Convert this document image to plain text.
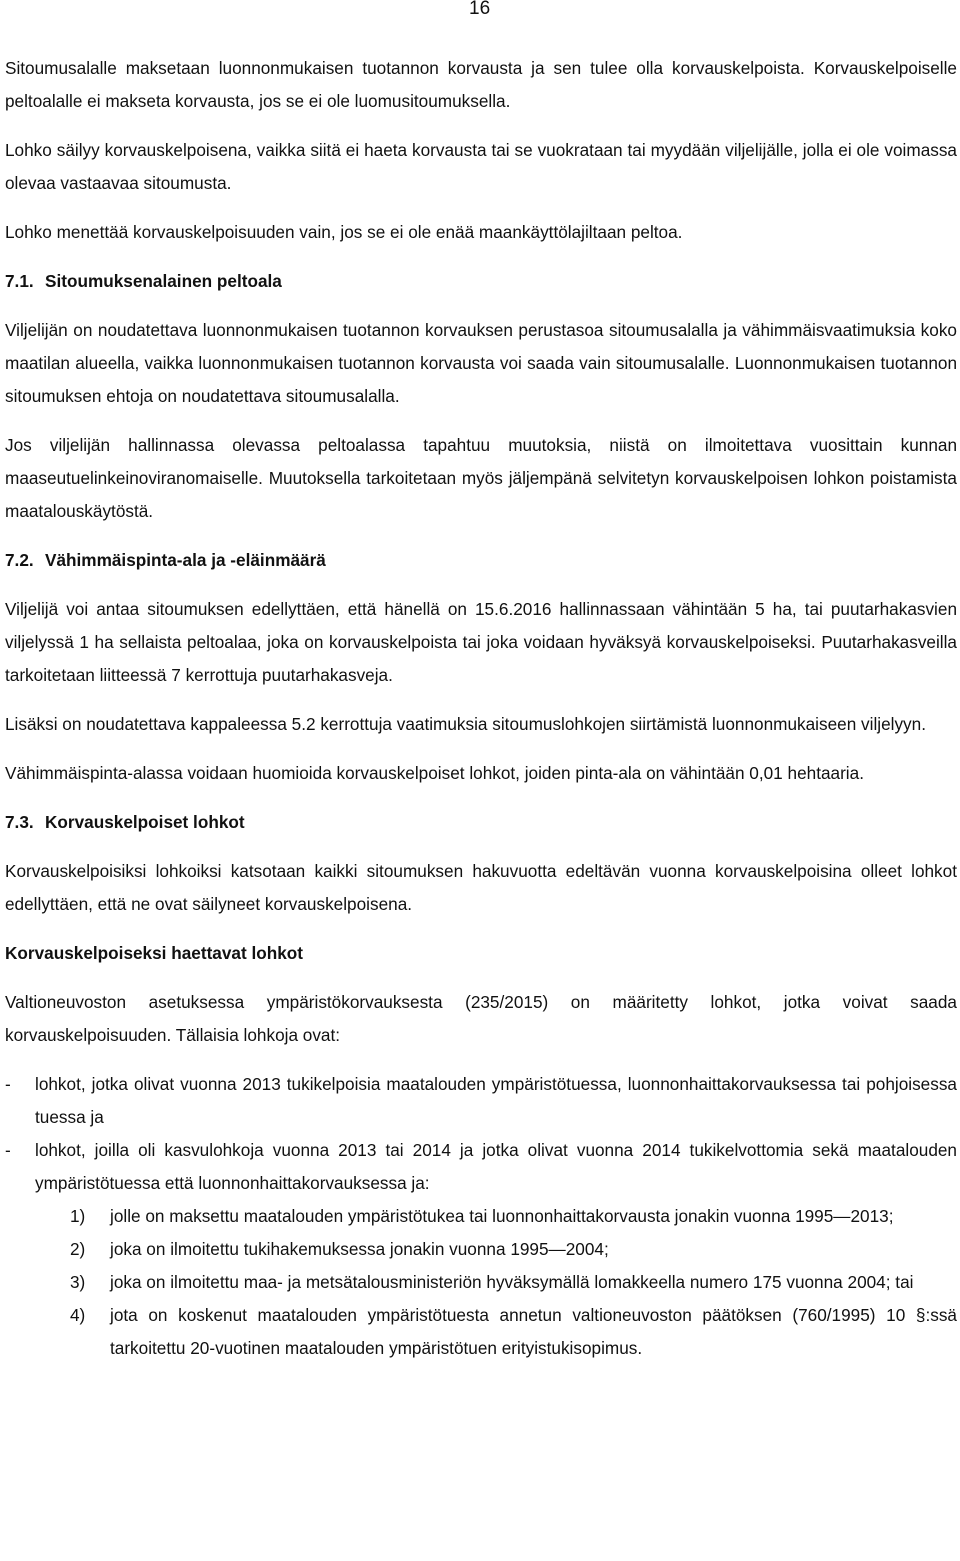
16

Sitoumusalalle maksetaan luonnonmukaisen tuotannon korvausta ja sen tulee olla korvauskelpoista. Korvauskelpoiselle peltoalalle ei makseta korvausta, jos se ei ole luomusitoumuksella.

Lohko säilyy korvauskelpoisena, vaikka siitä ei haeta korvausta tai se vuokrataan tai myydään viljelijälle, jolla ei ole voimassa olevaa vastaavaa sitoumusta.

Lohko menettää korvauskelpoisuuden vain, jos se ei ole enää maankäyttölajiltaan peltoa.

7.1. Sitoumuksenalainen peltoala

Viljelijän on noudatettava luonnonmukaisen tuotannon korvauksen perustasoa sitoumusalalla ja vähimmäisvaatimuksia koko maatilan alueella, vaikka luonnonmukaisen tuotannon korvausta voi saada vain sitoumusalalle. Luonnonmukaisen tuotannon sitoumuksen ehtoja on noudatettava sitoumusalalla.

Jos viljelijän hallinnassa olevassa peltoalassa tapahtuu muutoksia, niistä on ilmoitettava vuosittain kunnan maaseutuelinkeinoviranomaiselle. Muutoksella tarkoitetaan myös jäljempänä selvitetyn korvauskelpoisen lohkon poistamista maatalouskäytöstä.

7.2. Vähimmäispinta-ala ja -eläinmäärä

Viljelijä voi antaa sitoumuksen edellyttäen, että hänellä on 15.6.2016 hallinnassaan vähintään 5 ha, tai puutarhakasvien viljelyssä 1 ha sellaista peltoalaa, joka on korvauskelpoista tai joka voidaan hyväksyä korvauskelpoiseksi. Puutarhakasveilla tarkoitetaan liitteessä 7 kerrottuja puutarhakasveja.

Lisäksi on noudatettava kappaleessa 5.2 kerrottuja vaatimuksia sitoumuslohkojen siirtämistä luonnonmukaiseen viljelyyn.

Vähimmäispinta-alassa voidaan huomioida korvauskelpoiset lohkot, joiden pinta-ala on vähintään 0,01 hehtaaria.

7.3. Korvauskelpoiset lohkot

Korvauskelpoisiksi lohkoiksi katsotaan kaikki sitoumuksen hakuvuotta edeltävän vuonna korvauskelpoisina olleet lohkot edellyttäen, että ne ovat säilyneet korvauskelpoisena.

Korvauskelpoiseksi haettavat lohkot

Valtioneuvoston asetuksessa ympäristökorvauksesta (235/2015) on määritetty lohkot, jotka voivat saada korvauskelpoisuuden. Tällaisia lohkoja ovat:

- lohkot, jotka olivat vuonna 2013 tukikelpoisia maatalouden ympäristötuessa, luonnonhaittakorvauksessa tai pohjoisessa tuessa ja
- lohkot, joilla oli kasvulohkoja vuonna 2013 tai 2014 ja jotka olivat vuonna 2014 tukikelvottomia sekä maatalouden ympäristötuessa että luonnonhaittakorvauksessa ja:
1) jolle on maksettu maatalouden ympäristötukea tai luonnonhaittakorvausta jonakin vuonna 1995—2013;
2) joka on ilmoitettu tukihakemuksessa jonakin vuonna 1995—2004;
3) joka on ilmoitettu maa- ja metsätalousministeriön hyväksymällä lomakkeella numero 175 vuonna 2004; tai
4) jota on koskenut maatalouden ympäristötuesta annetun valtioneuvoston päätöksen (760/1995) 10 §:ssä tarkoitettu 20-vuotinen maatalouden ympäristötuen erityistukisopimus.
